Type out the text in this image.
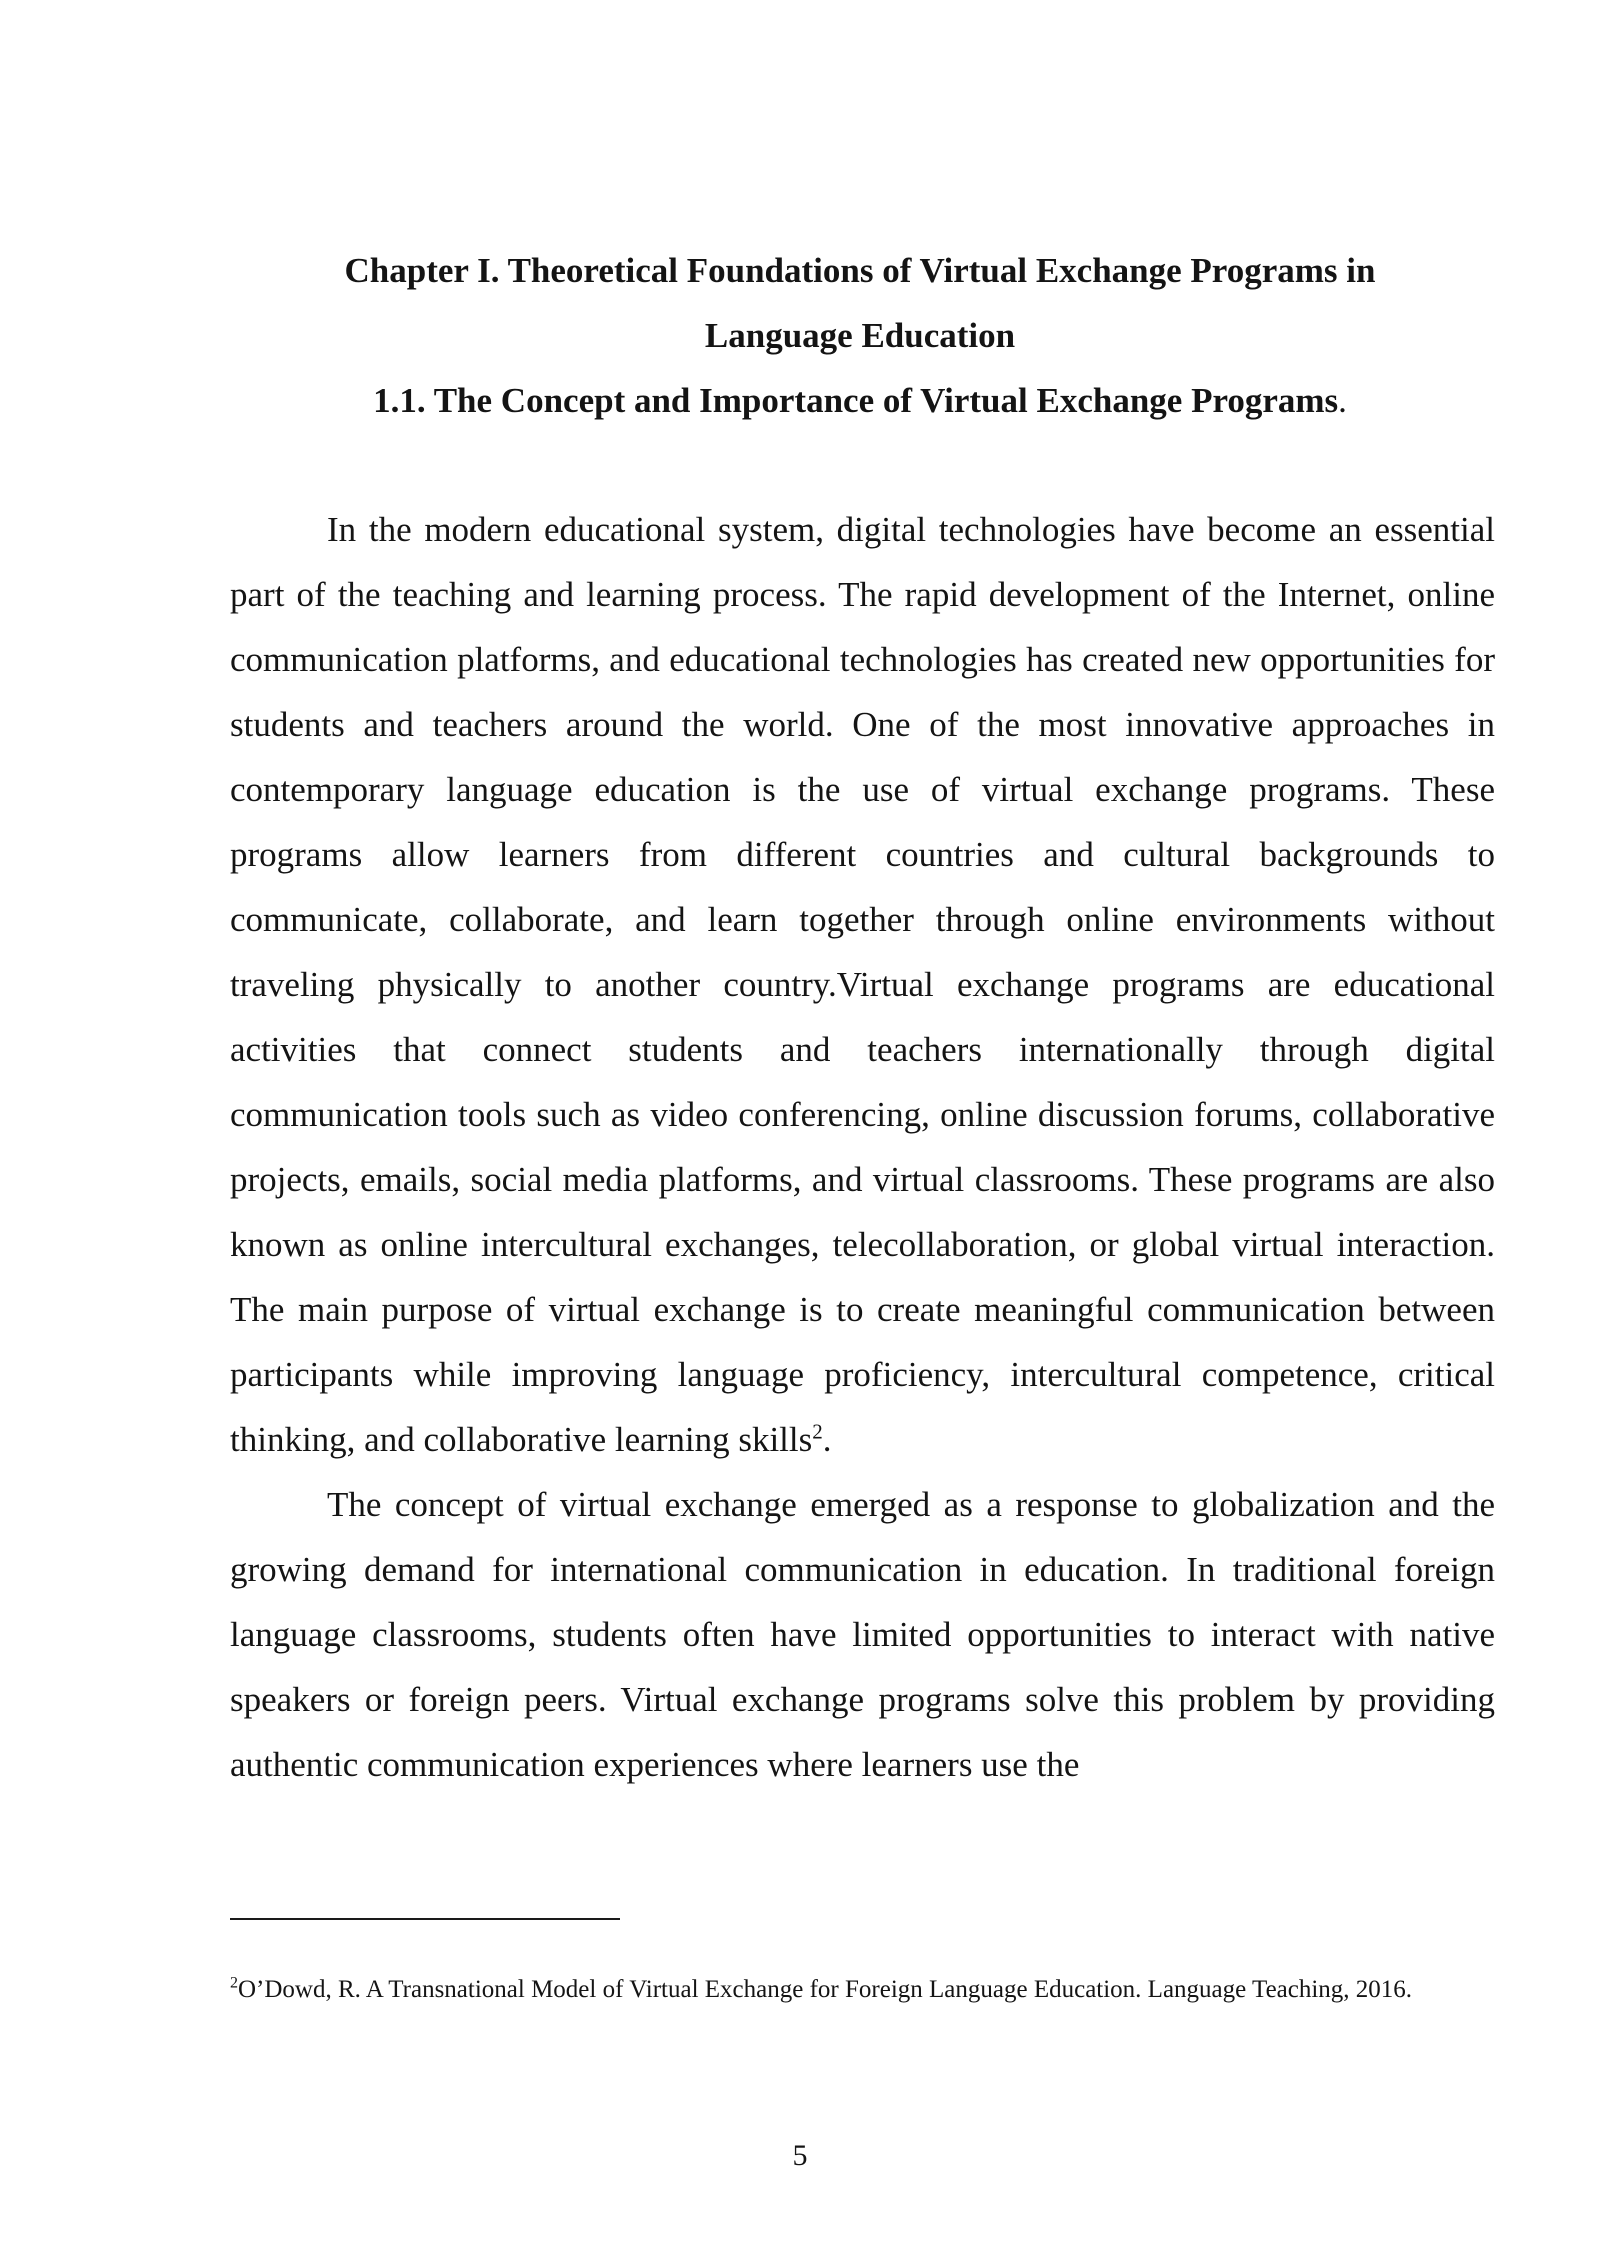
Chapter I. Theoretical Foundations of Virtual Exchange Programs in
Language Education
1.1. The Concept and Importance of Virtual Exchange Programs.

In the modern educational system, digital technologies have become an essential part of the teaching and learning process. The rapid development of the Internet, online communication platforms, and educational technologies has created new opportunities for students and teachers around the world. One of the most innovative approaches in contemporary language education is the use of virtual exchange programs. These programs allow learners from different countries and cultural backgrounds to communicate, collaborate, and learn together through online environments without traveling physically to another country.Virtual exchange programs are educational activities that connect students and teachers internationally through digital communication tools such as video conferencing, online discussion forums, collaborative projects, emails, social media platforms, and virtual classrooms. These programs are also known as online intercultural exchanges, telecollaboration, or global virtual interaction. The main purpose of virtual exchange is to create meaningful communication between participants while improving language proficiency, intercultural competence, critical thinking, and collaborative learning skills$^2$.

The concept of virtual exchange emerged as a response to globalization and the growing demand for international communication in education. In traditional foreign language classrooms, students often have limited opportunities to interact with native speakers or foreign peers. Virtual exchange programs solve this problem by providing authentic communication experiences where learners use the

$^2$O’Dowd, R. A Transnational Model of Virtual Exchange for Foreign Language Education. Language Teaching, 2016.

5
